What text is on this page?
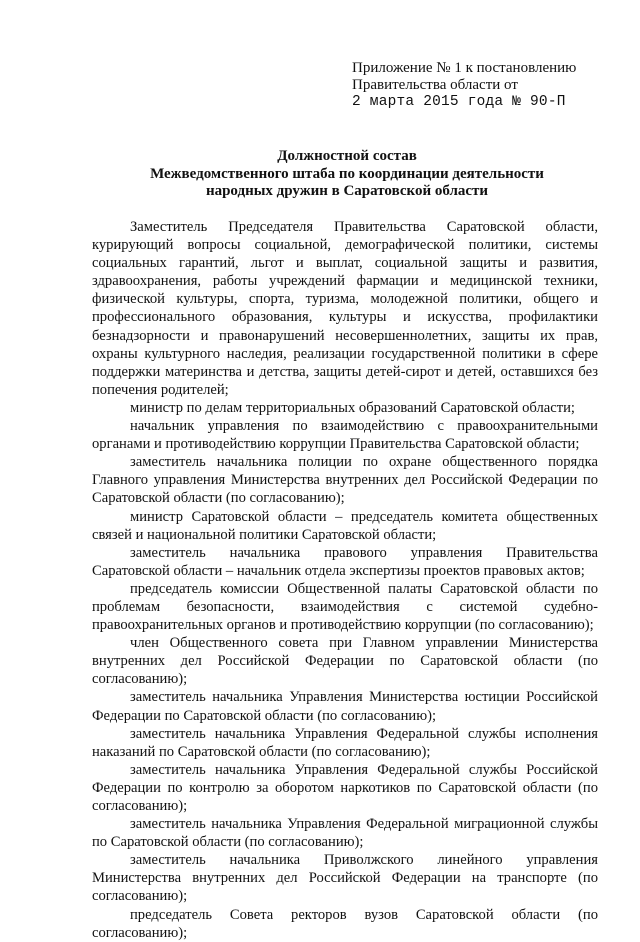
Приложение № 1 к постановлению
Правительства области от
2 марта 2015 года № 90-П
Должностной состав
Межведомственного штаба по координации деятельности
народных дружин в Саратовской области

Заместитель Председателя Правительства Саратовской области, курирующий вопросы социальной, демографической политики, системы социальных гарантий, льгот и выплат, социальной защиты и развития, здравоохранения, работы учреждений фармации и медицинской техники, физической культуры, спорта, туризма, молодежной политики, общего и профессионального образования, культуры и искусства, профилактики безнадзорности и правонарушений несовершеннолетних, защиты их прав, охраны культурного наследия, реализации государственной политики в сфере поддержки материнства и детства, защиты детей-сирот и детей, оставшихся без попечения родителей;

министр по делам территориальных образований Саратовской области;

начальник управления по взаимодействию с правоохранительными органами и противодействию коррупции Правительства Саратовской области;

заместитель начальника полиции по охране общественного порядка Главного управления Министерства внутренних дел Российской Федерации по Саратовской области (по согласованию);

министр Саратовской области – председатель комитета общественных связей и национальной политики Саратовской области;

заместитель начальника правового управления Правительства Саратовской области – начальник отдела экспертизы проектов правовых актов;

председатель комиссии Общественной палаты Саратовской области по проблемам безопасности, взаимодействия с системой судебно-правоохранительных органов и противодействию коррупции (по согласованию);

член Общественного совета при Главном управлении Министерства внутренних дел Российской Федерации по Саратовской области (по согласованию);

заместитель начальника Управления Министерства юстиции Российской Федерации по Саратовской области (по согласованию);

заместитель начальника Управления Федеральной службы исполнения наказаний по Саратовской области (по согласованию);

заместитель начальника Управления Федеральной службы Российской Федерации по контролю за оборотом наркотиков по Саратовской области (по согласованию);

заместитель начальника Управления Федеральной миграционной службы по Саратовской области (по согласованию);

заместитель начальника Приволжского линейного управления Министерства внутренних дел Российской Федерации на транспорте (по согласованию);

председатель Совета ректоров вузов Саратовской области (по согласованию);
